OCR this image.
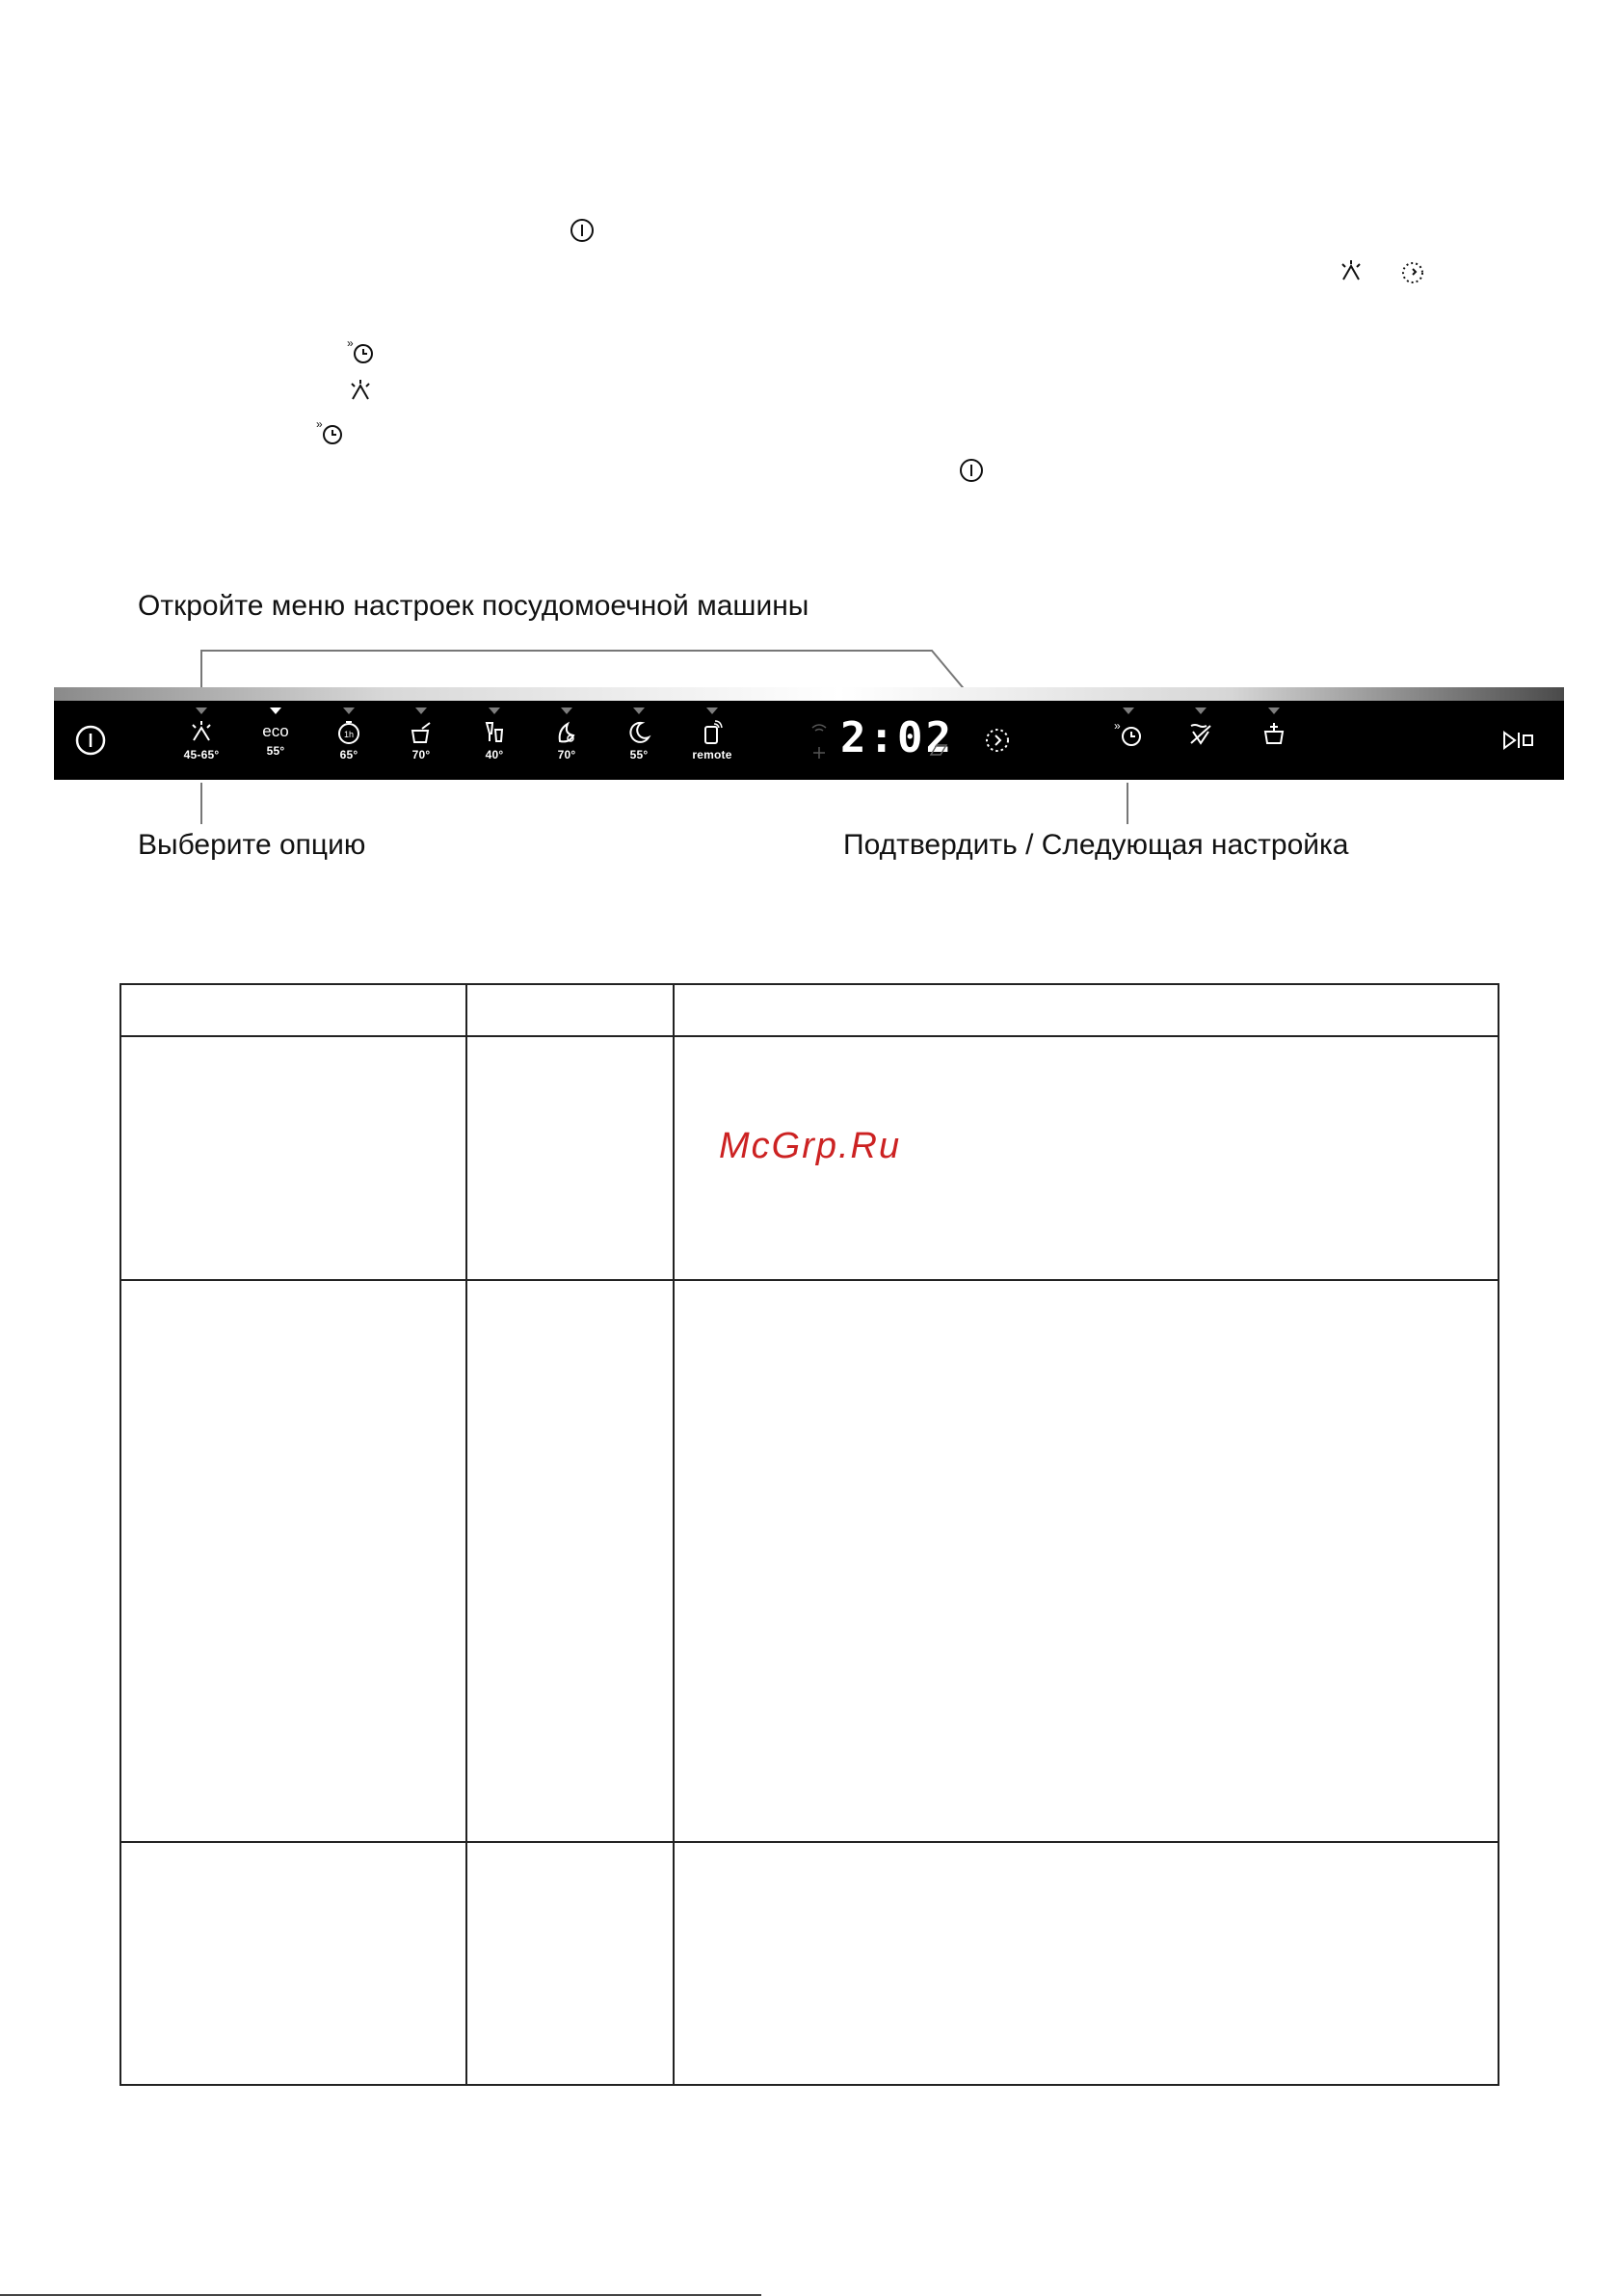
»
»
Откройте меню настроек посудомоечной машины
Выберите опцию	Подтвердить / Следующая настройка
45-65°
eco
55°
1h
65°	70°	40°	70°	55°	remote	2:02	»

McGrp.Ru
